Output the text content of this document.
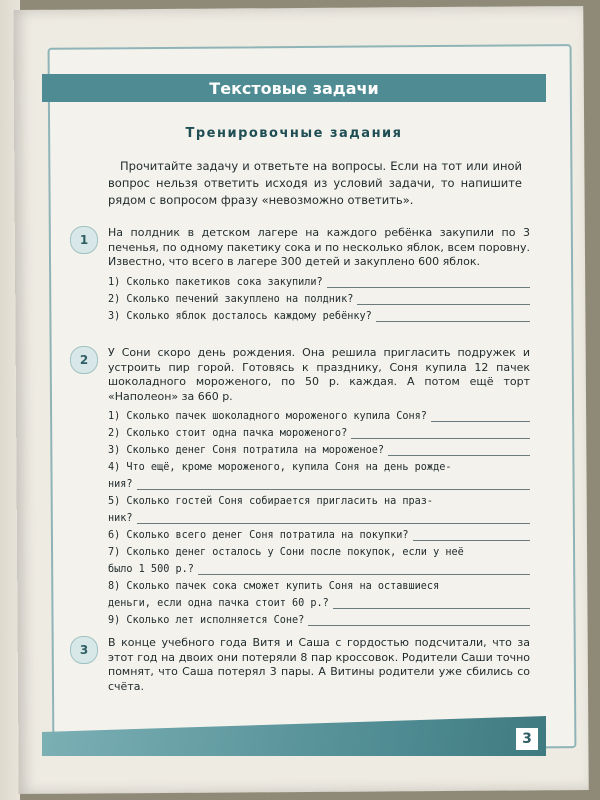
Текстовые задачи
Тренировочные задания
Прочитайте задачу и ответьте на вопросы. Если на тот или иной вопрос нельзя ответить исходя из условий задачи, то напишите рядом с вопросом фразу «невозможно ответить».
1
На полдник в детском лагере на каждого ребёнка закупили по 3 печенья, по одному пакетику сока и по несколько яблок, всем поровну. Известно, что всего в лагере 300 детей и закуплено 600 яблок.
1) Сколько пакетиков сока закупили?
2) Сколько печений закуплено на полдник?
3) Сколько яблок досталось каждому ребёнку?
2
У Сони скоро день рождения. Она решила пригласить подружек и устроить пир горой. Готовясь к празднику, Соня купила 12 пачек шоколадного мороженого, по 50 р. каждая. А потом ещё торт «Наполеон» за 660 р.
1) Сколько пачек шоколадного мороженого купила Соня?
2) Сколько стоит одна пачка мороженого?
3) Сколько денег Соня потратила на мороженое?
4) Что ещё, кроме мороженого, купила Соня на день рожде-
ния?
5) Сколько гостей Соня собирается пригласить на праз-
ник?
6) Сколько всего денег Соня потратила на покупки?
7) Сколько денег осталось у Сони после покупок, если у неё
было 1 500 р.?
8) Сколько пачек сока сможет купить Соня на оставшиеся
деньги, если одна пачка стоит 60 р.?
9) Сколько лет исполняется Соне?
3
В конце учебного года Витя и Саша с гордостью подсчитали, что за этот год на двоих они потеряли 8 пар кроссовок. Родители Саши точно помнят, что Саша потерял 3 пары. А Витины родители уже сбились со счёта.
3
